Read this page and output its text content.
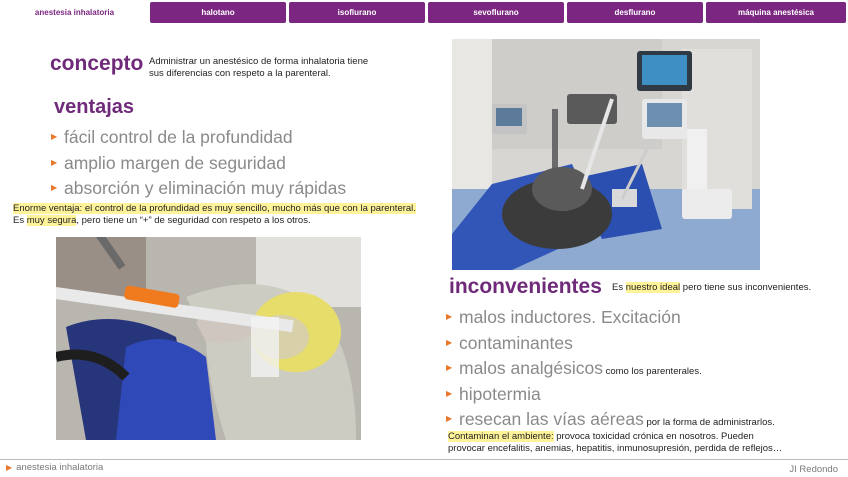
anestesia inhalatoria	halotano	isoflurano	sevoflurano	desflurano	máquina anestésica
concepto Administrar un anestésico de forma inhalatoria tiene
sus diferencias con respeto a la parenteral.
ventajas
▶ fácil control de la profundidad
▶ amplio margen de seguridad
▶ absorción y eliminación muy rápidas
Enorme ventaja: el control de la profundidad es muy sencillo, mucho más que con la parenteral.
Es muy segura, pero tiene un “+” de seguridad con respeto a los otros.
inconvenientes Es nuestro ideal pero tiene sus inconvenientes.
▶ malos inductores. Excitación
▶ contaminantes
▶ malos analgésicos como los parenterales.
▶ hipotermia
▶ resecan las vías aéreas por la forma de administrarlos.
Contaminan el ambiente: provoca toxicidad crónica en nosotros. Pueden
provocar encefalitis, anemias, hepatitis, inmunosupresión, perdida de reflejos…
▶ anestesia inhalatoria	JI Redondo
